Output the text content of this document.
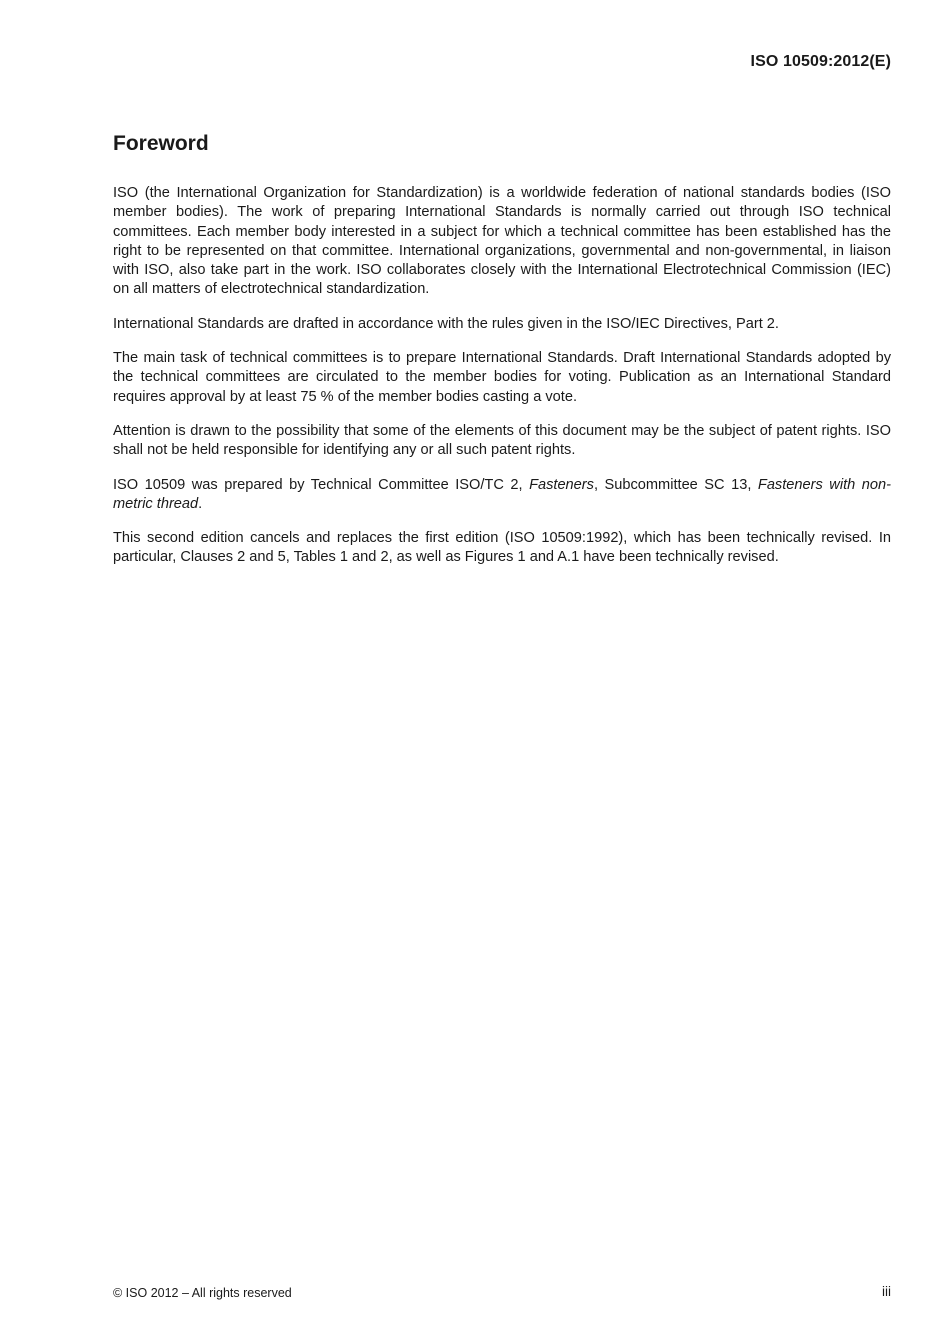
ISO 10509:2012(E)
Foreword

ISO (the International Organization for Standardization) is a worldwide federation of national standards bodies (ISO member bodies). The work of preparing International Standards is normally carried out through ISO technical committees. Each member body interested in a subject for which a technical committee has been established has the right to be represented on that committee. International organizations, governmental and non-governmental, in liaison with ISO, also take part in the work. ISO collaborates closely with the International Electrotechnical Commission (IEC) on all matters of electrotechnical standardization.

International Standards are drafted in accordance with the rules given in the ISO/IEC Directives, Part 2.

The main task of technical committees is to prepare International Standards. Draft International Standards adopted by the technical committees are circulated to the member bodies for voting. Publication as an International Standard requires approval by at least 75 % of the member bodies casting a vote.

Attention is drawn to the possibility that some of the elements of this document may be the subject of patent rights. ISO shall not be held responsible for identifying any or all such patent rights.

ISO 10509 was prepared by Technical Committee ISO/TC 2, Fasteners, Subcommittee SC 13, Fasteners with non-metric thread.

This second edition cancels and replaces the first edition (ISO 10509:1992), which has been technically revised. In particular, Clauses 2 and 5, Tables 1 and 2, as well as Figures 1 and A.1 have been technically revised.

© ISO 2012 – All rights reserved	iii
